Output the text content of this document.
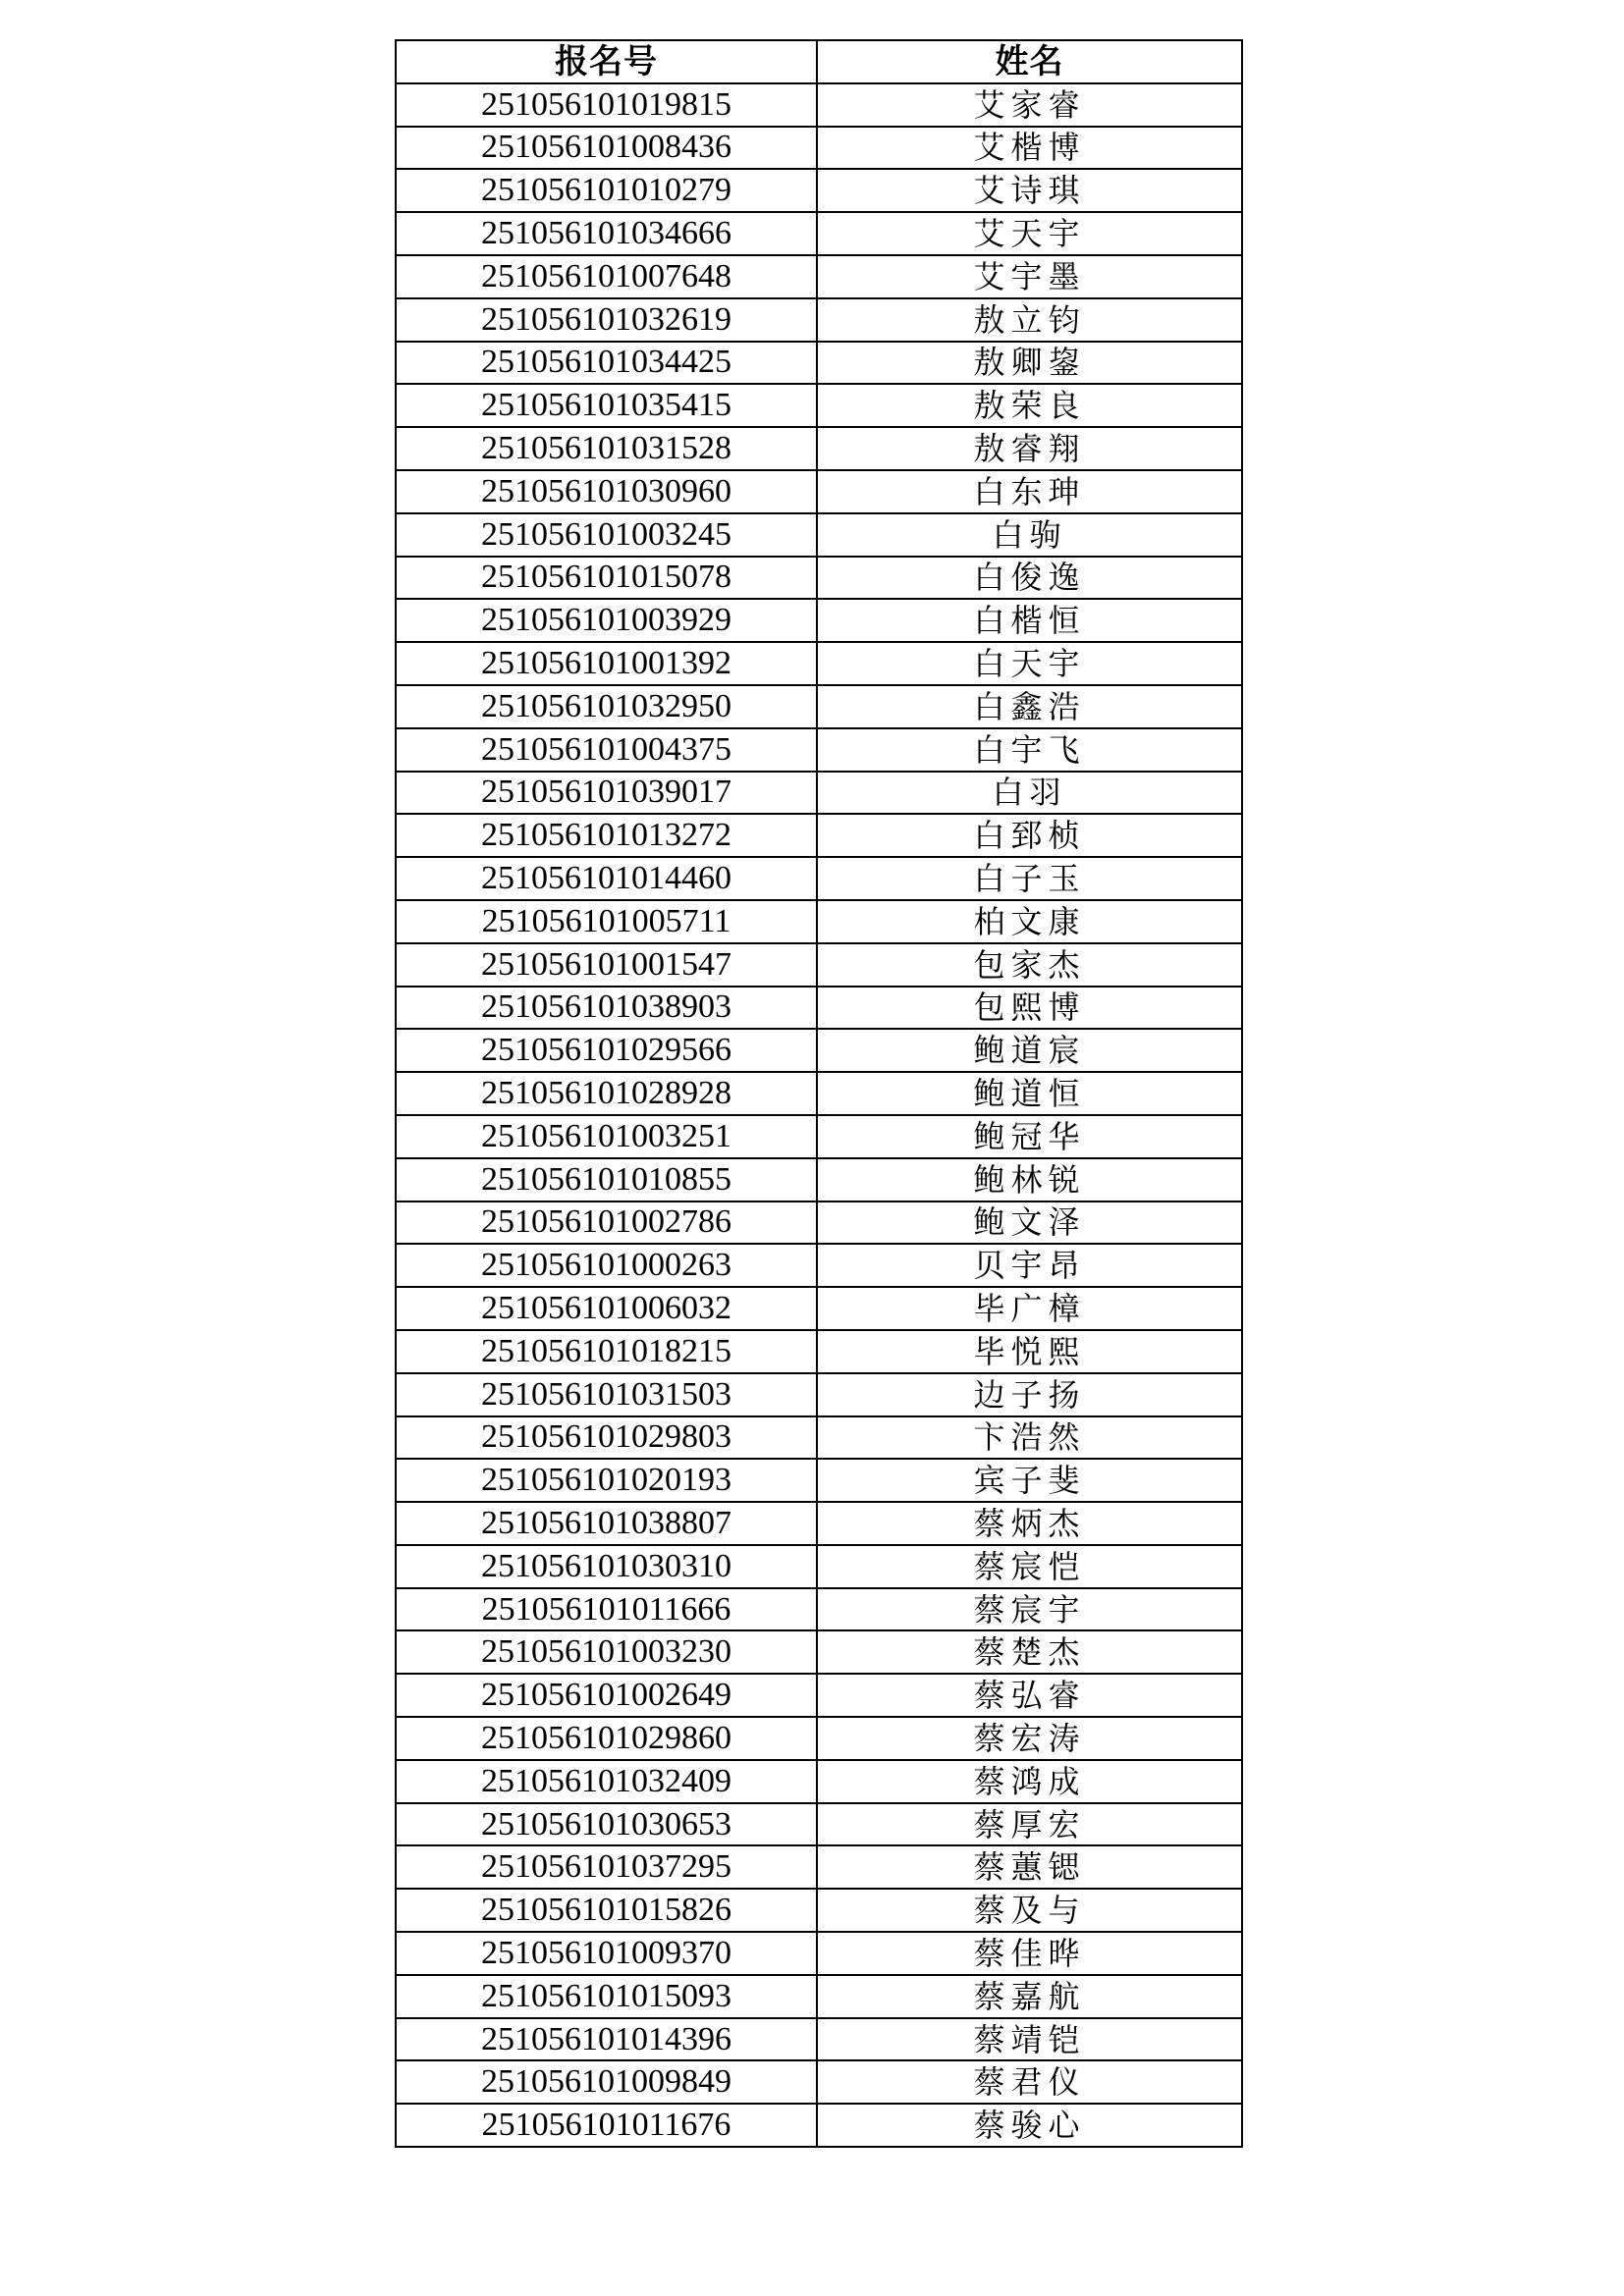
报名号	姓名
251056101019815	艾家睿
251056101008436	艾楷博
251056101010279	艾诗琪
251056101034666	艾天宇
251056101007648	艾宇墨
251056101032619	敖立钧
251056101034425	敖卿鋆
251056101035415	敖荣良
251056101031528	敖睿翔
251056101030960	白东珅
251056101003245	白驹
251056101015078	白俊逸
251056101003929	白楷恒
251056101001392	白天宇
251056101032950	白鑫浩
251056101004375	白宇飞
251056101039017	白羽
251056101013272	白郅桢
251056101014460	白子玉
251056101005711	柏文康
251056101001547	包家杰
251056101038903	包熙博
251056101029566	鲍道宸
251056101028928	鲍道恒
251056101003251	鲍冠华
251056101010855	鲍林锐
251056101002786	鲍文泽
251056101000263	贝宇昂
251056101006032	毕广樟
251056101018215	毕悦熙
251056101031503	边子扬
251056101029803	卞浩然
251056101020193	宾子斐
251056101038807	蔡炳杰
251056101030310	蔡宸恺
251056101011666	蔡宸宇
251056101003230	蔡楚杰
251056101002649	蔡弘睿
251056101029860	蔡宏涛
251056101032409	蔡鸿成
251056101030653	蔡厚宏
251056101037295	蔡蕙锶
251056101015826	蔡及与
251056101009370	蔡佳晔
251056101015093	蔡嘉航
251056101014396	蔡靖铠
251056101009849	蔡君仪
251056101011676	蔡骏心
